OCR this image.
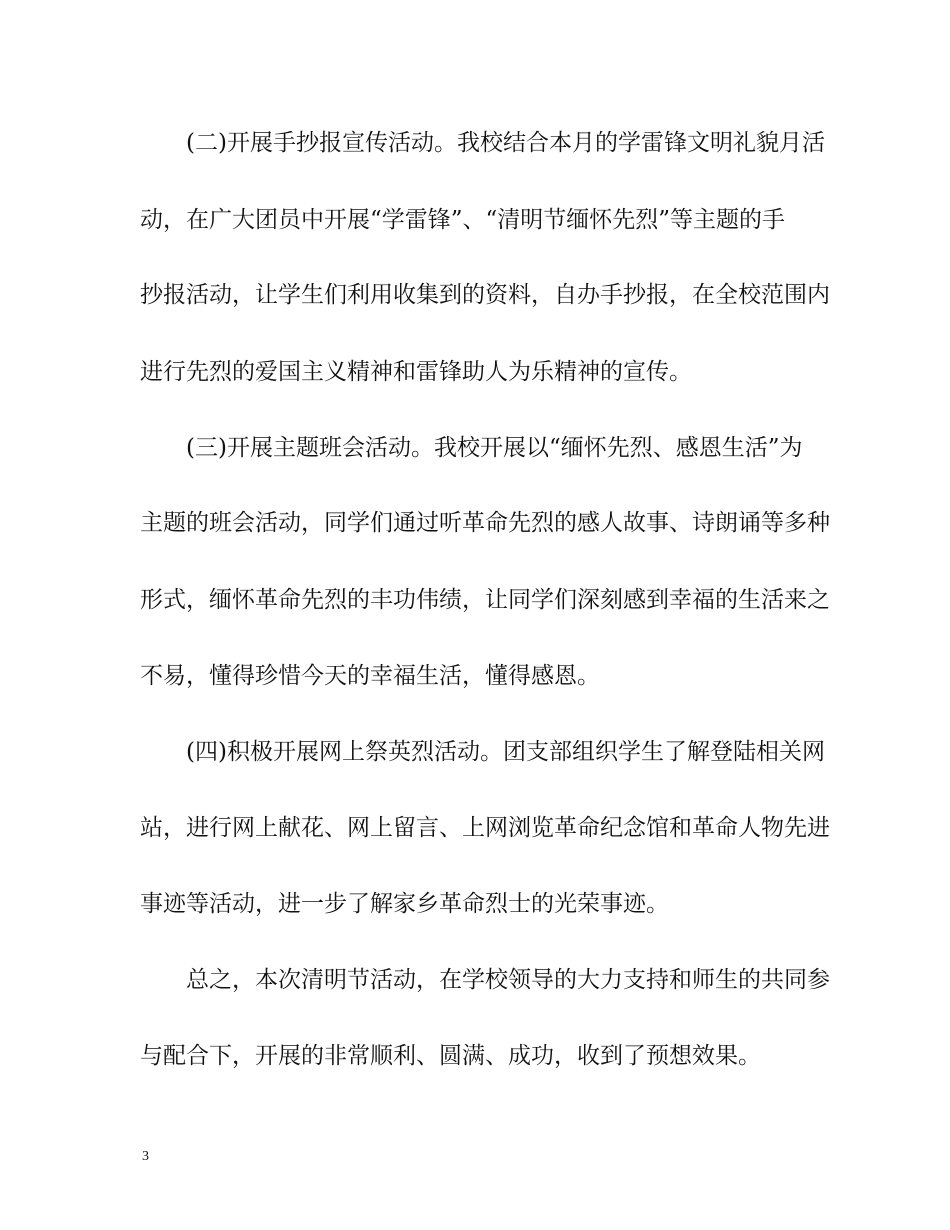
(二)开展手抄报宣传活动。我校结合本月的学雷锋文明礼貌月活
动，在广大团员中开展“学雷锋”、“清明节缅怀先烈”等主题的手
抄报活动，让学生们利用收集到的资料，自办手抄报，在全校范围内
进行先烈的爱国主义精神和雷锋助人为乐精神的宣传。
(三)开展主题班会活动。我校开展以“缅怀先烈、感恩生活”为
主题的班会活动，同学们通过听革命先烈的感人故事、诗朗诵等多种
形式，缅怀革命先烈的丰功伟绩，让同学们深刻感到幸福的生活来之
不易，懂得珍惜今天的幸福生活，懂得感恩。
(四)积极开展网上祭英烈活动。团支部组织学生了解登陆相关网
站，进行网上献花、网上留言、上网浏览革命纪念馆和革命人物先进
事迹等活动，进一步了解家乡革命烈士的光荣事迹。
总之，本次清明节活动，在学校领导的大力支持和师生的共同参
与配合下，开展的非常顺利、圆满、成功，收到了预想效果。
3
